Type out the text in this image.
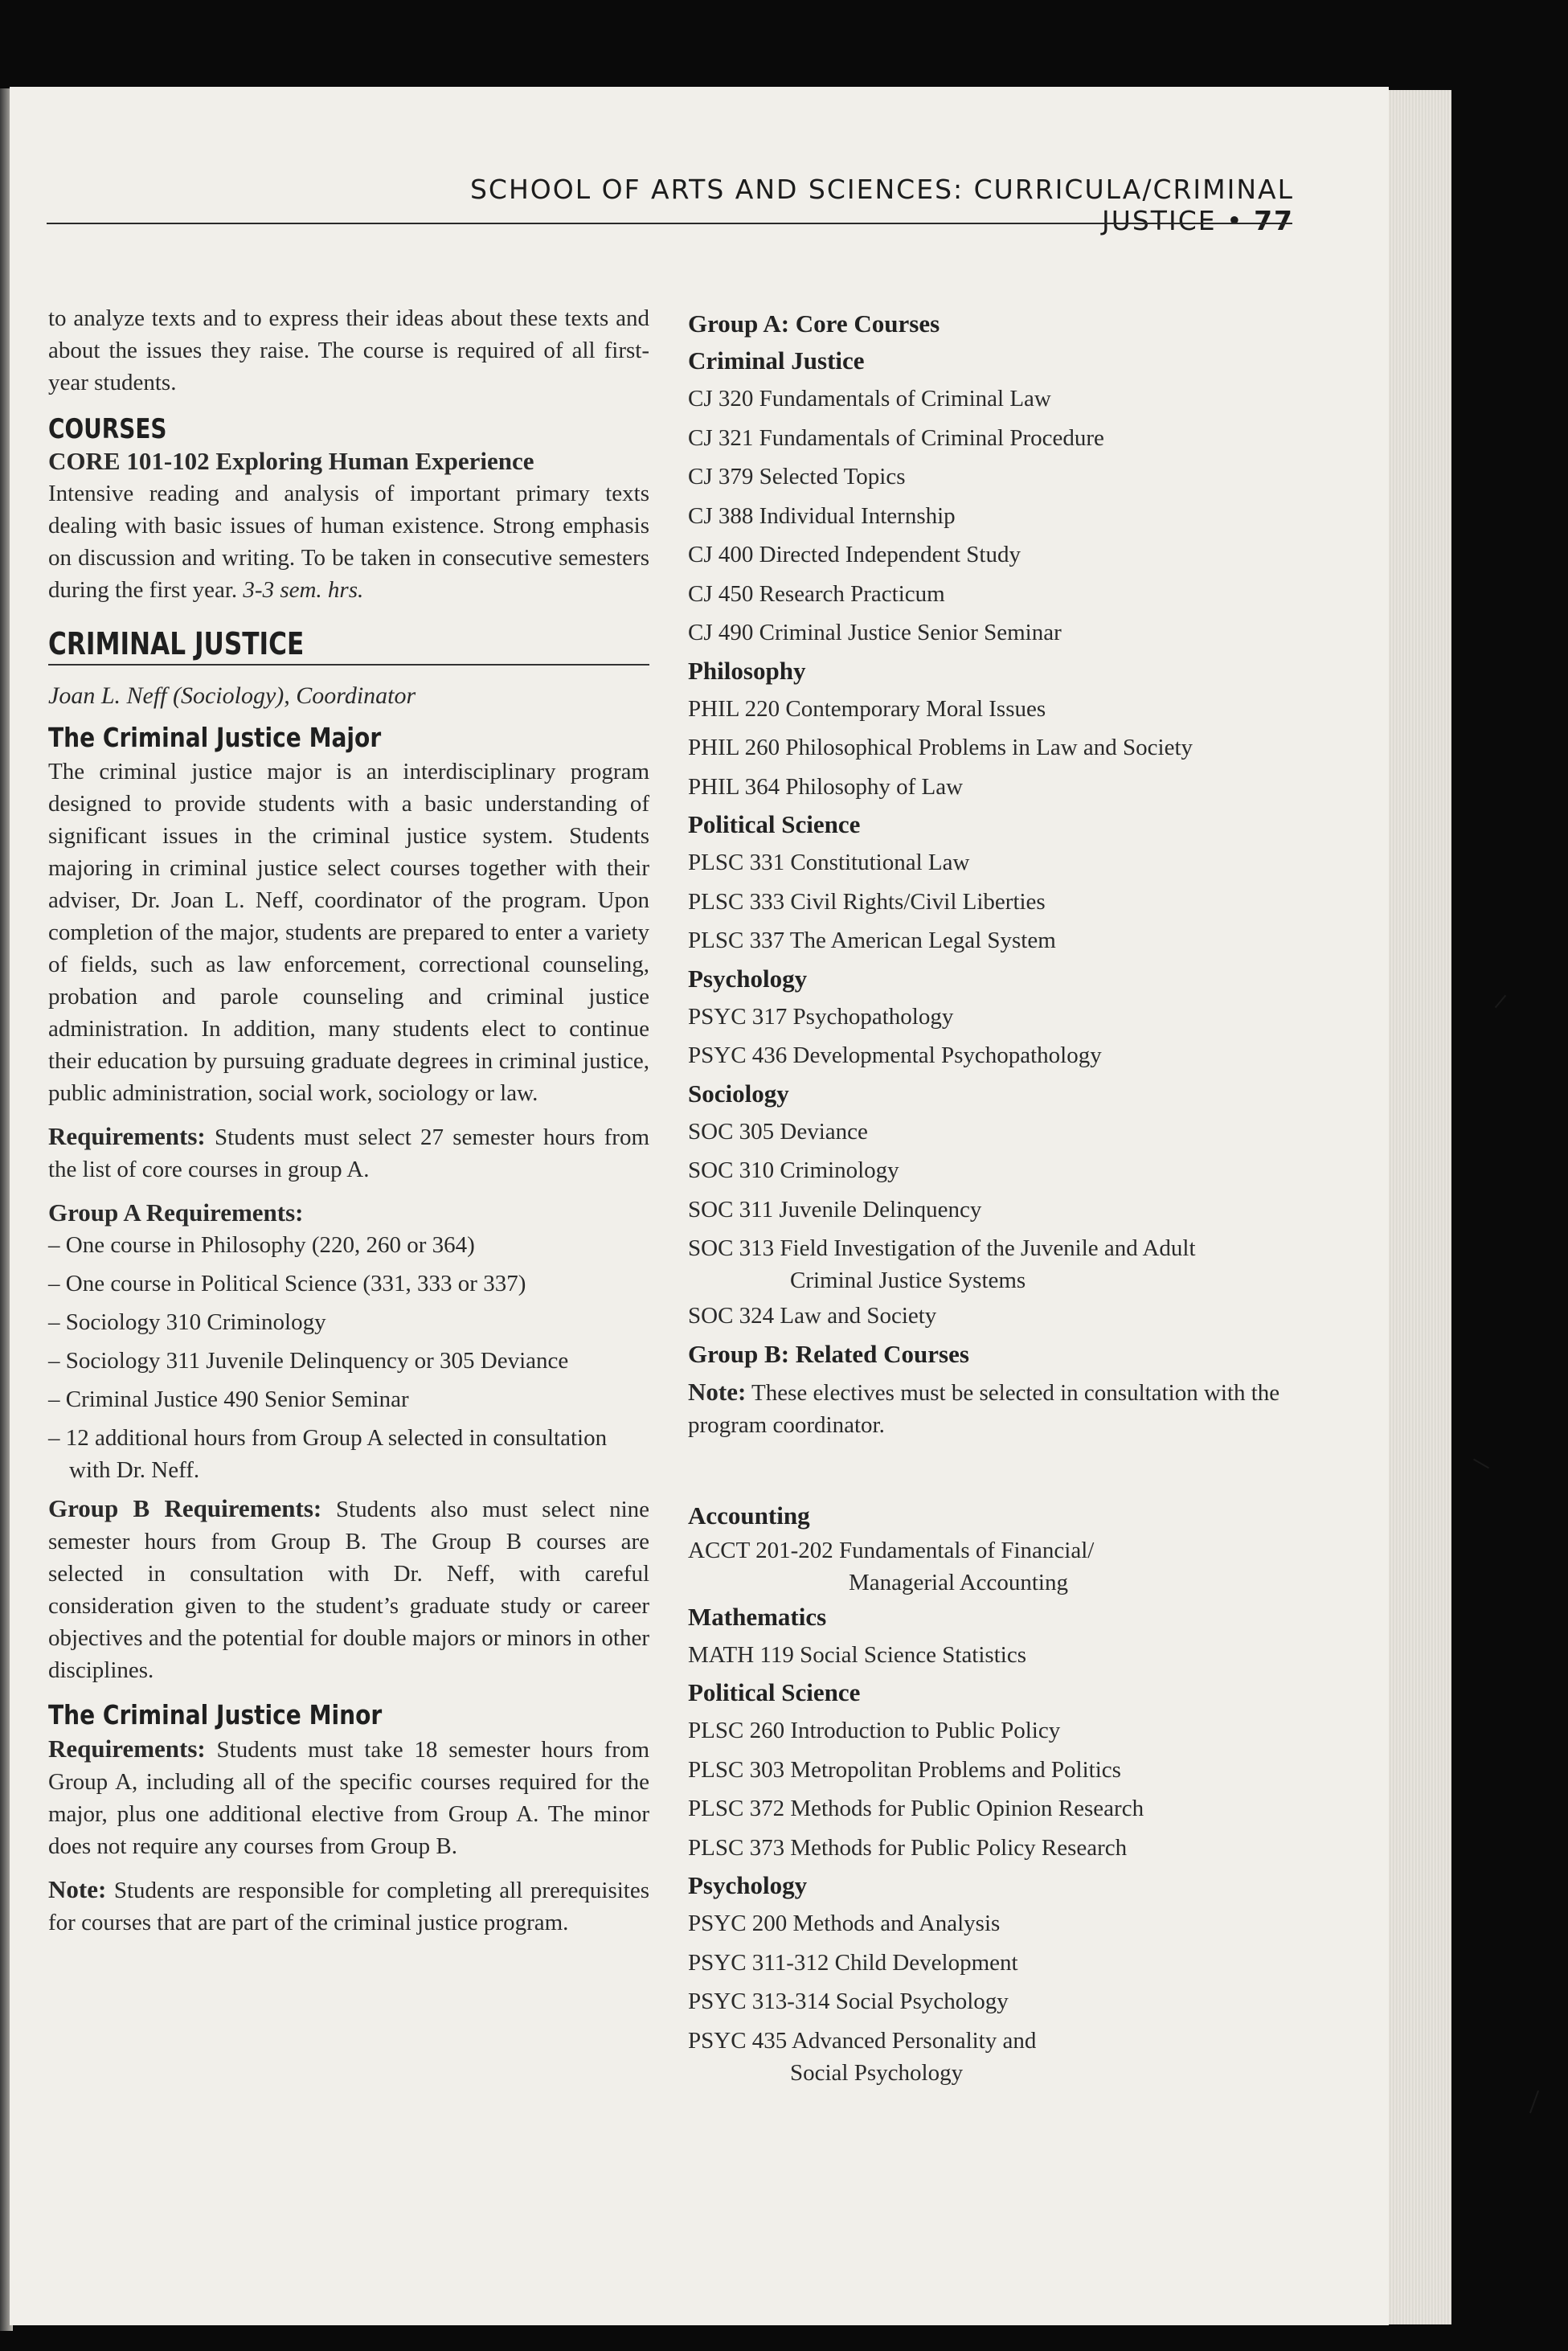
SCHOOL OF ARTS AND SCIENCES: CURRICULA/CRIMINAL JUSTICE • 77

to analyze texts and to express their ideas about these texts and about the issues they raise. The course is required of all first-year students.

COURSES
CORE 101-102 Exploring Human Experience

Intensive reading and analysis of important primary texts dealing with basic issues of human existence. Strong emphasis on discussion and writing. To be taken in consecutive semesters during the first year. 3-3 sem. hrs.

CRIMINAL JUSTICE
Joan L. Neff (Sociology), Coordinator
The Criminal Justice Major

The criminal justice major is an interdisciplinary program designed to provide students with a basic understanding of significant issues in the criminal justice system. Students majoring in criminal justice select courses together with their adviser, Dr. Joan L. Neff, coordinator of the program. Upon completion of the major, students are prepared to enter a variety of fields, such as law enforcement, correctional counseling, probation and parole counseling and criminal justice administration. In addition, many students elect to continue their education by pursuing graduate degrees in criminal justice, public administration, social work, sociology or law.

Requirements: Students must select 27 semester hours from the list of core courses in group A.

Group A Requirements:
– One course in Philosophy (220, 260 or 364)
– One course in Political Science (331, 333 or 337)
– Sociology 310 Criminology
– Sociology 311 Juvenile Delinquency or 305 Deviance
– Criminal Justice 490 Senior Seminar
– 12 additional hours from Group A selected in consultation with Dr. Neff.

Group B Requirements: Students also must select nine semester hours from Group B. The Group B courses are selected in consultation with Dr. Neff, with careful consideration given to the student’s graduate study or career objectives and the potential for double majors or minors in other disciplines.

The Criminal Justice Minor

Requirements: Students must take 18 semester hours from Group A, including all of the specific courses required for the major, plus one additional elective from Group A. The minor does not require any courses from Group B.

Note: Students are responsible for completing all prerequisites for courses that are part of the criminal justice program.

Group A: Core Courses
Criminal Justice
CJ 320 Fundamentals of Criminal Law
CJ 321 Fundamentals of Criminal Procedure
CJ 379 Selected Topics
CJ 388 Individual Internship
CJ 400 Directed Independent Study
CJ 450 Research Practicum
CJ 490 Criminal Justice Senior Seminar
Philosophy
PHIL 220 Contemporary Moral Issues
PHIL 260 Philosophical Problems in Law and Society
PHIL 364 Philosophy of Law
Political Science
PLSC 331 Constitutional Law
PLSC 333 Civil Rights/Civil Liberties
PLSC 337 The American Legal System
Psychology
PSYC 317 Psychopathology
PSYC 436 Developmental Psychopathology
Sociology
SOC 305 Deviance
SOC 310 Criminology
SOC 311 Juvenile Delinquency
SOC 313 Field Investigation of the Juvenile and Adult
Criminal Justice Systems
SOC 324 Law and Society
Group B: Related Courses
Note: These electives must be selected in consultation with the program coordinator.
Accounting
ACCT 201-202 Fundamentals of Financial/
Managerial Accounting
Mathematics
MATH 119 Social Science Statistics
Political Science
PLSC 260 Introduction to Public Policy
PLSC 303 Metropolitan Problems and Politics
PLSC 372 Methods for Public Opinion Research
PLSC 373 Methods for Public Policy Research
Psychology
PSYC 200 Methods and Analysis
PSYC 311-312 Child Development
PSYC 313-314 Social Psychology
PSYC 435 Advanced Personality and
Social Psychology
